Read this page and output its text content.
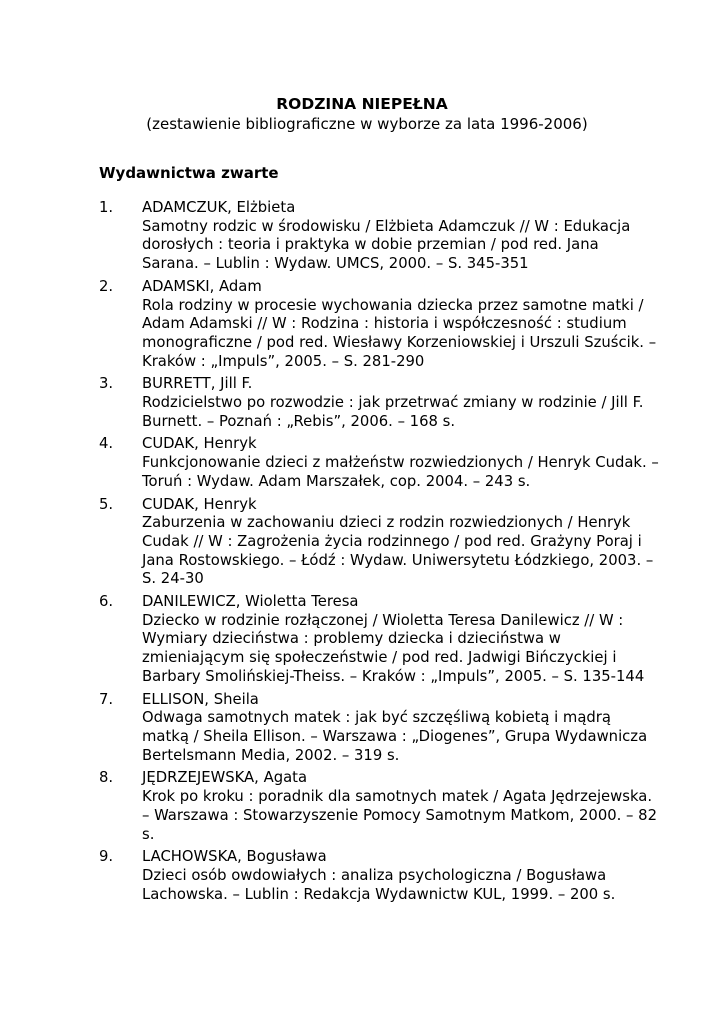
RODZINA NIEPEŁNA
(zestawienie bibliograficzne w wyborze za lata 1996-2006)
Wydawnictwa zwarte
1. ADAMCZUK, Elżbieta
Samotny rodzic w środowisku / Elżbieta Adamczuk // W : Edukacja dorosłych : teoria i praktyka w dobie przemian / pod red. Jana Sarana. – Lublin : Wydaw. UMCS, 2000. – S. 345-351
2. ADAMSKI, Adam
Rola rodziny w procesie wychowania dziecka przez samotne matki / Adam Adamski // W : Rodzina : historia i współczesność : studium monograficzne / pod red. Wiesławy Korzeniowskiej i Urszuli Szuścik. – Kraków : „Impuls”, 2005. – S. 281-290
3. BURRETT, Jill F.
Rodzicielstwo po rozwodzie : jak przetrwać zmiany w rodzinie / Jill F. Burnett. – Poznań : „Rebis”, 2006. – 168 s.
4. CUDAK, Henryk
Funkcjonowanie dzieci z małżeństw rozwiedzionych / Henryk Cudak. – Toruń : Wydaw. Adam Marszałek, cop. 2004. – 243 s.
5. CUDAK, Henryk
Zaburzenia w zachowaniu dzieci z rodzin rozwiedzionych / Henryk Cudak // W : Zagrożenia życia rodzinnego / pod red. Grażyny Poraj i Jana Rostowskiego. – Łódź : Wydaw. Uniwersytetu Łódzkiego, 2003. – S. 24-30
6. DANILEWICZ, Wioletta Teresa
Dziecko w rodzinie rozłączonej / Wioletta Teresa Danilewicz // W : Wymiary dzieciństwa : problemy dziecka i dzieciństwa w zmieniającym się społeczeństwie / pod red. Jadwigi Bińczyckiej i Barbary Smolińskiej-Theiss. – Kraków : „Impuls”, 2005. – S. 135-144
7. ELLISON, Sheila
Odwaga samotnych matek : jak być szczęśliwą kobietą i mądrą matką / Sheila Ellison. – Warszawa : „Diogenes”, Grupa Wydawnicza Bertelsmann Media, 2002. – 319 s.
8. JĘDRZEJEWSKA, Agata
Krok po kroku : poradnik dla samotnych matek / Agata Jędrzejewska. – Warszawa : Stowarzyszenie Pomocy Samotnym Matkom, 2000. – 82 s.
9. LACHOWSKA, Bogusława
Dzieci osób owdowiałych : analiza psychologiczna / Bogusława Lachowska. – Lublin : Redakcja Wydawnictw KUL, 1999. – 200 s.
